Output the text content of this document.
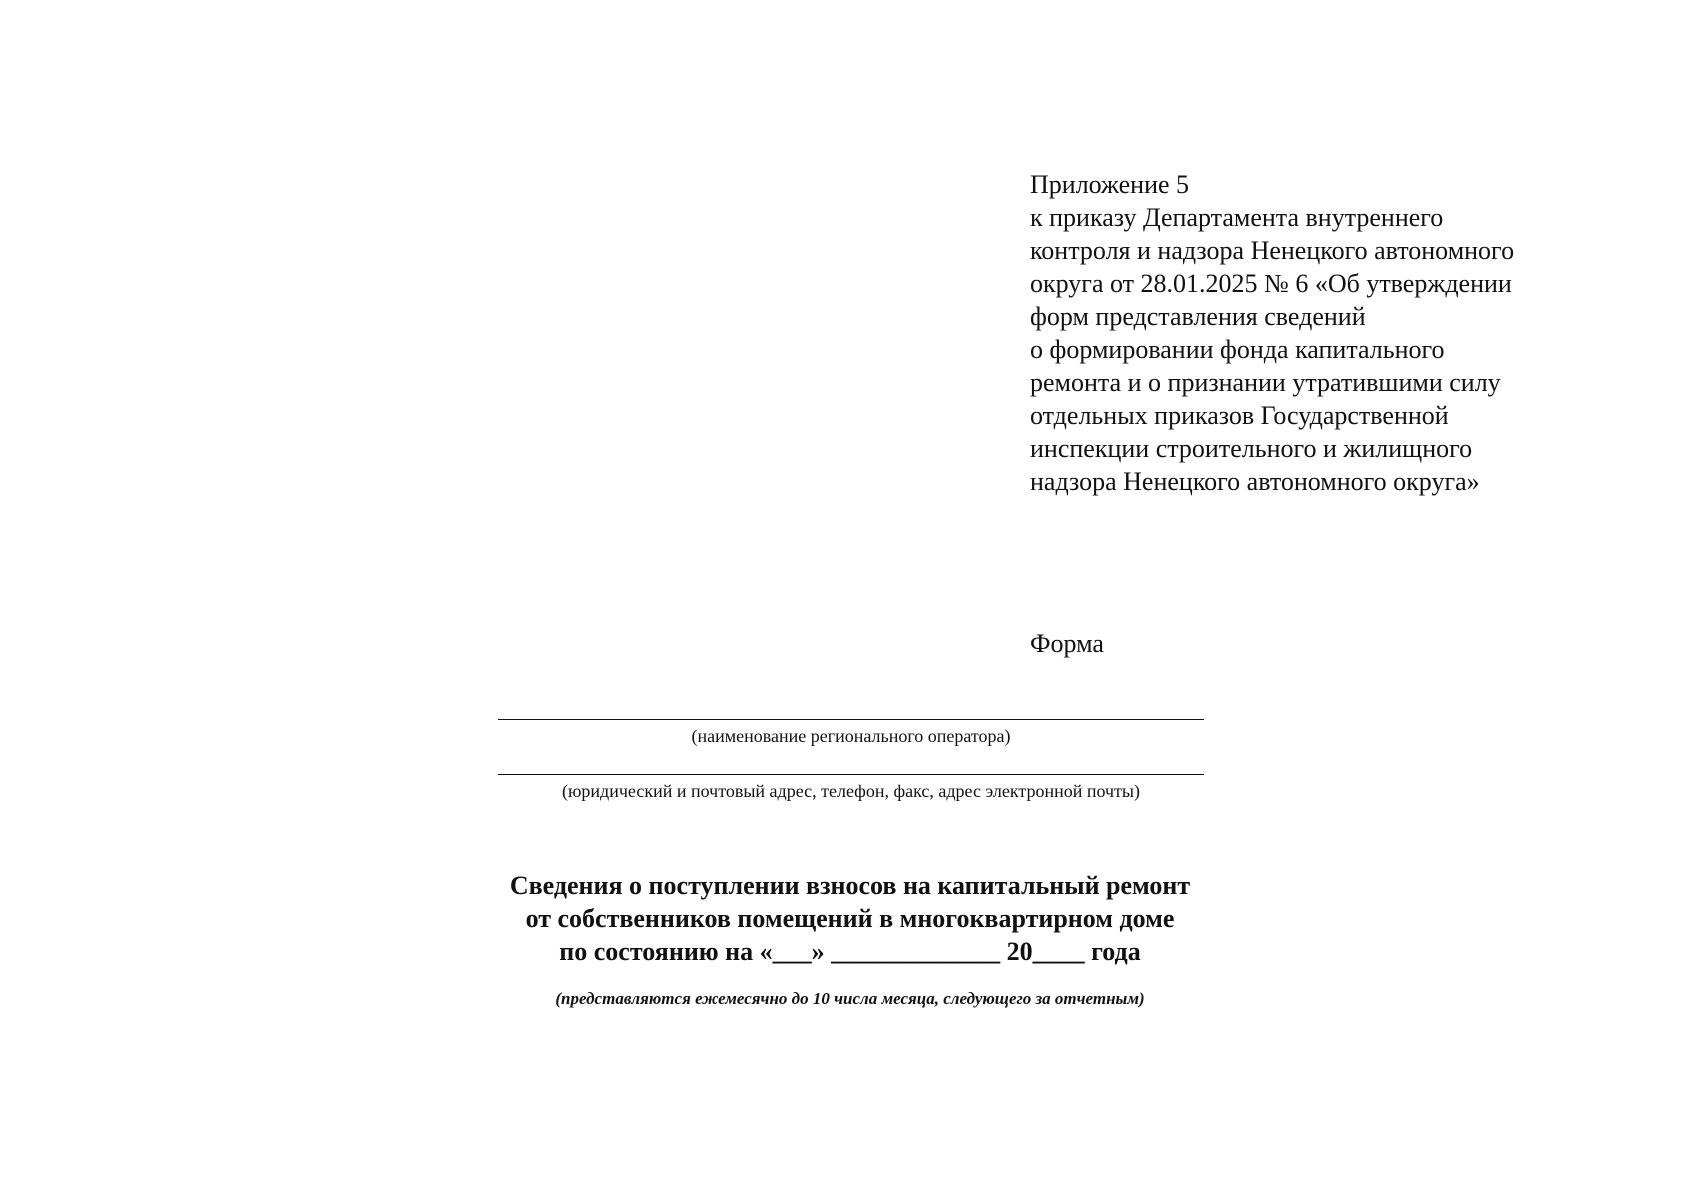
Приложение 5
к приказу Департамента внутреннего
контроля и надзора Ненецкого автономного
округа от 28.01.2025 № 6 «Об утверждении
форм представления сведений
о формировании фонда капитального
ремонта и о признании утратившими силу
отдельных приказов Государственной
инспекции строительного и жилищного
надзора Ненецкого автономного округа»
Форма
(наименование регионального оператора)
(юридический и почтовый адрес, телефон, факс, адрес электронной почты)
Сведения о поступлении взносов на капитальный ремонт
от собственников помещений в многоквартирном доме
по состоянию на «___» _____________ 20____ года
(представляются ежемесячно до 10 числа месяца, следующего за отчетным)
